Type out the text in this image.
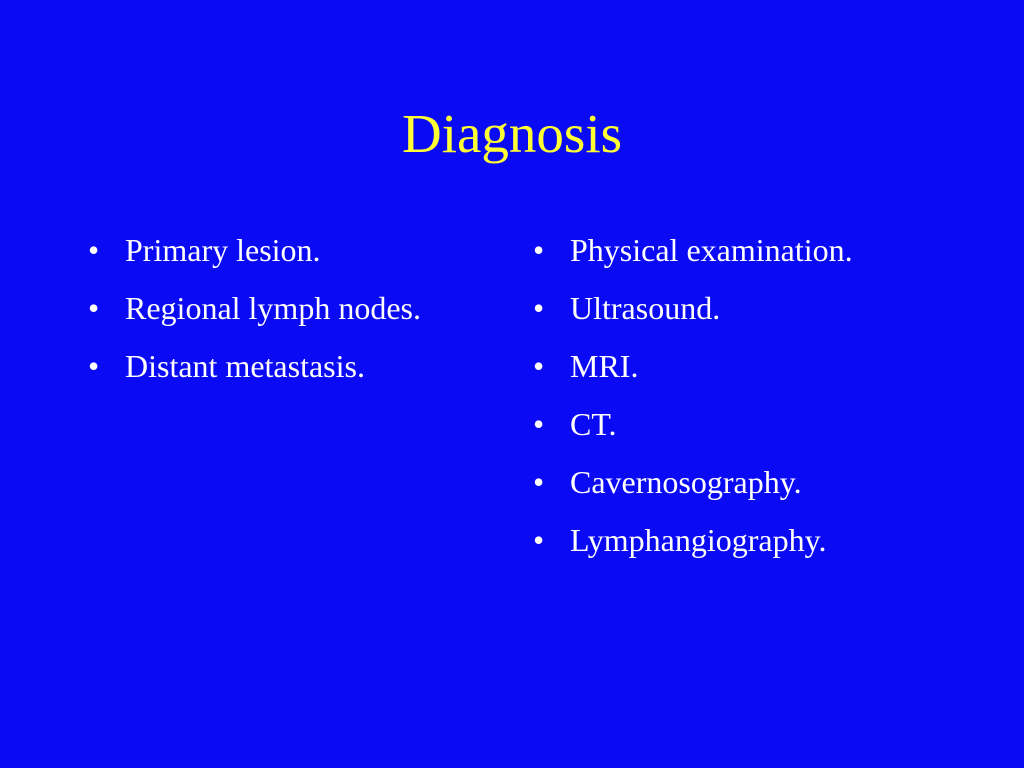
Diagnosis
• Primary lesion.
• Regional lymph nodes.
• Distant metastasis.
• Physical examination.
• Ultrasound.
• MRI.
• CT.
• Cavernosography.
• Lymphangiography.
